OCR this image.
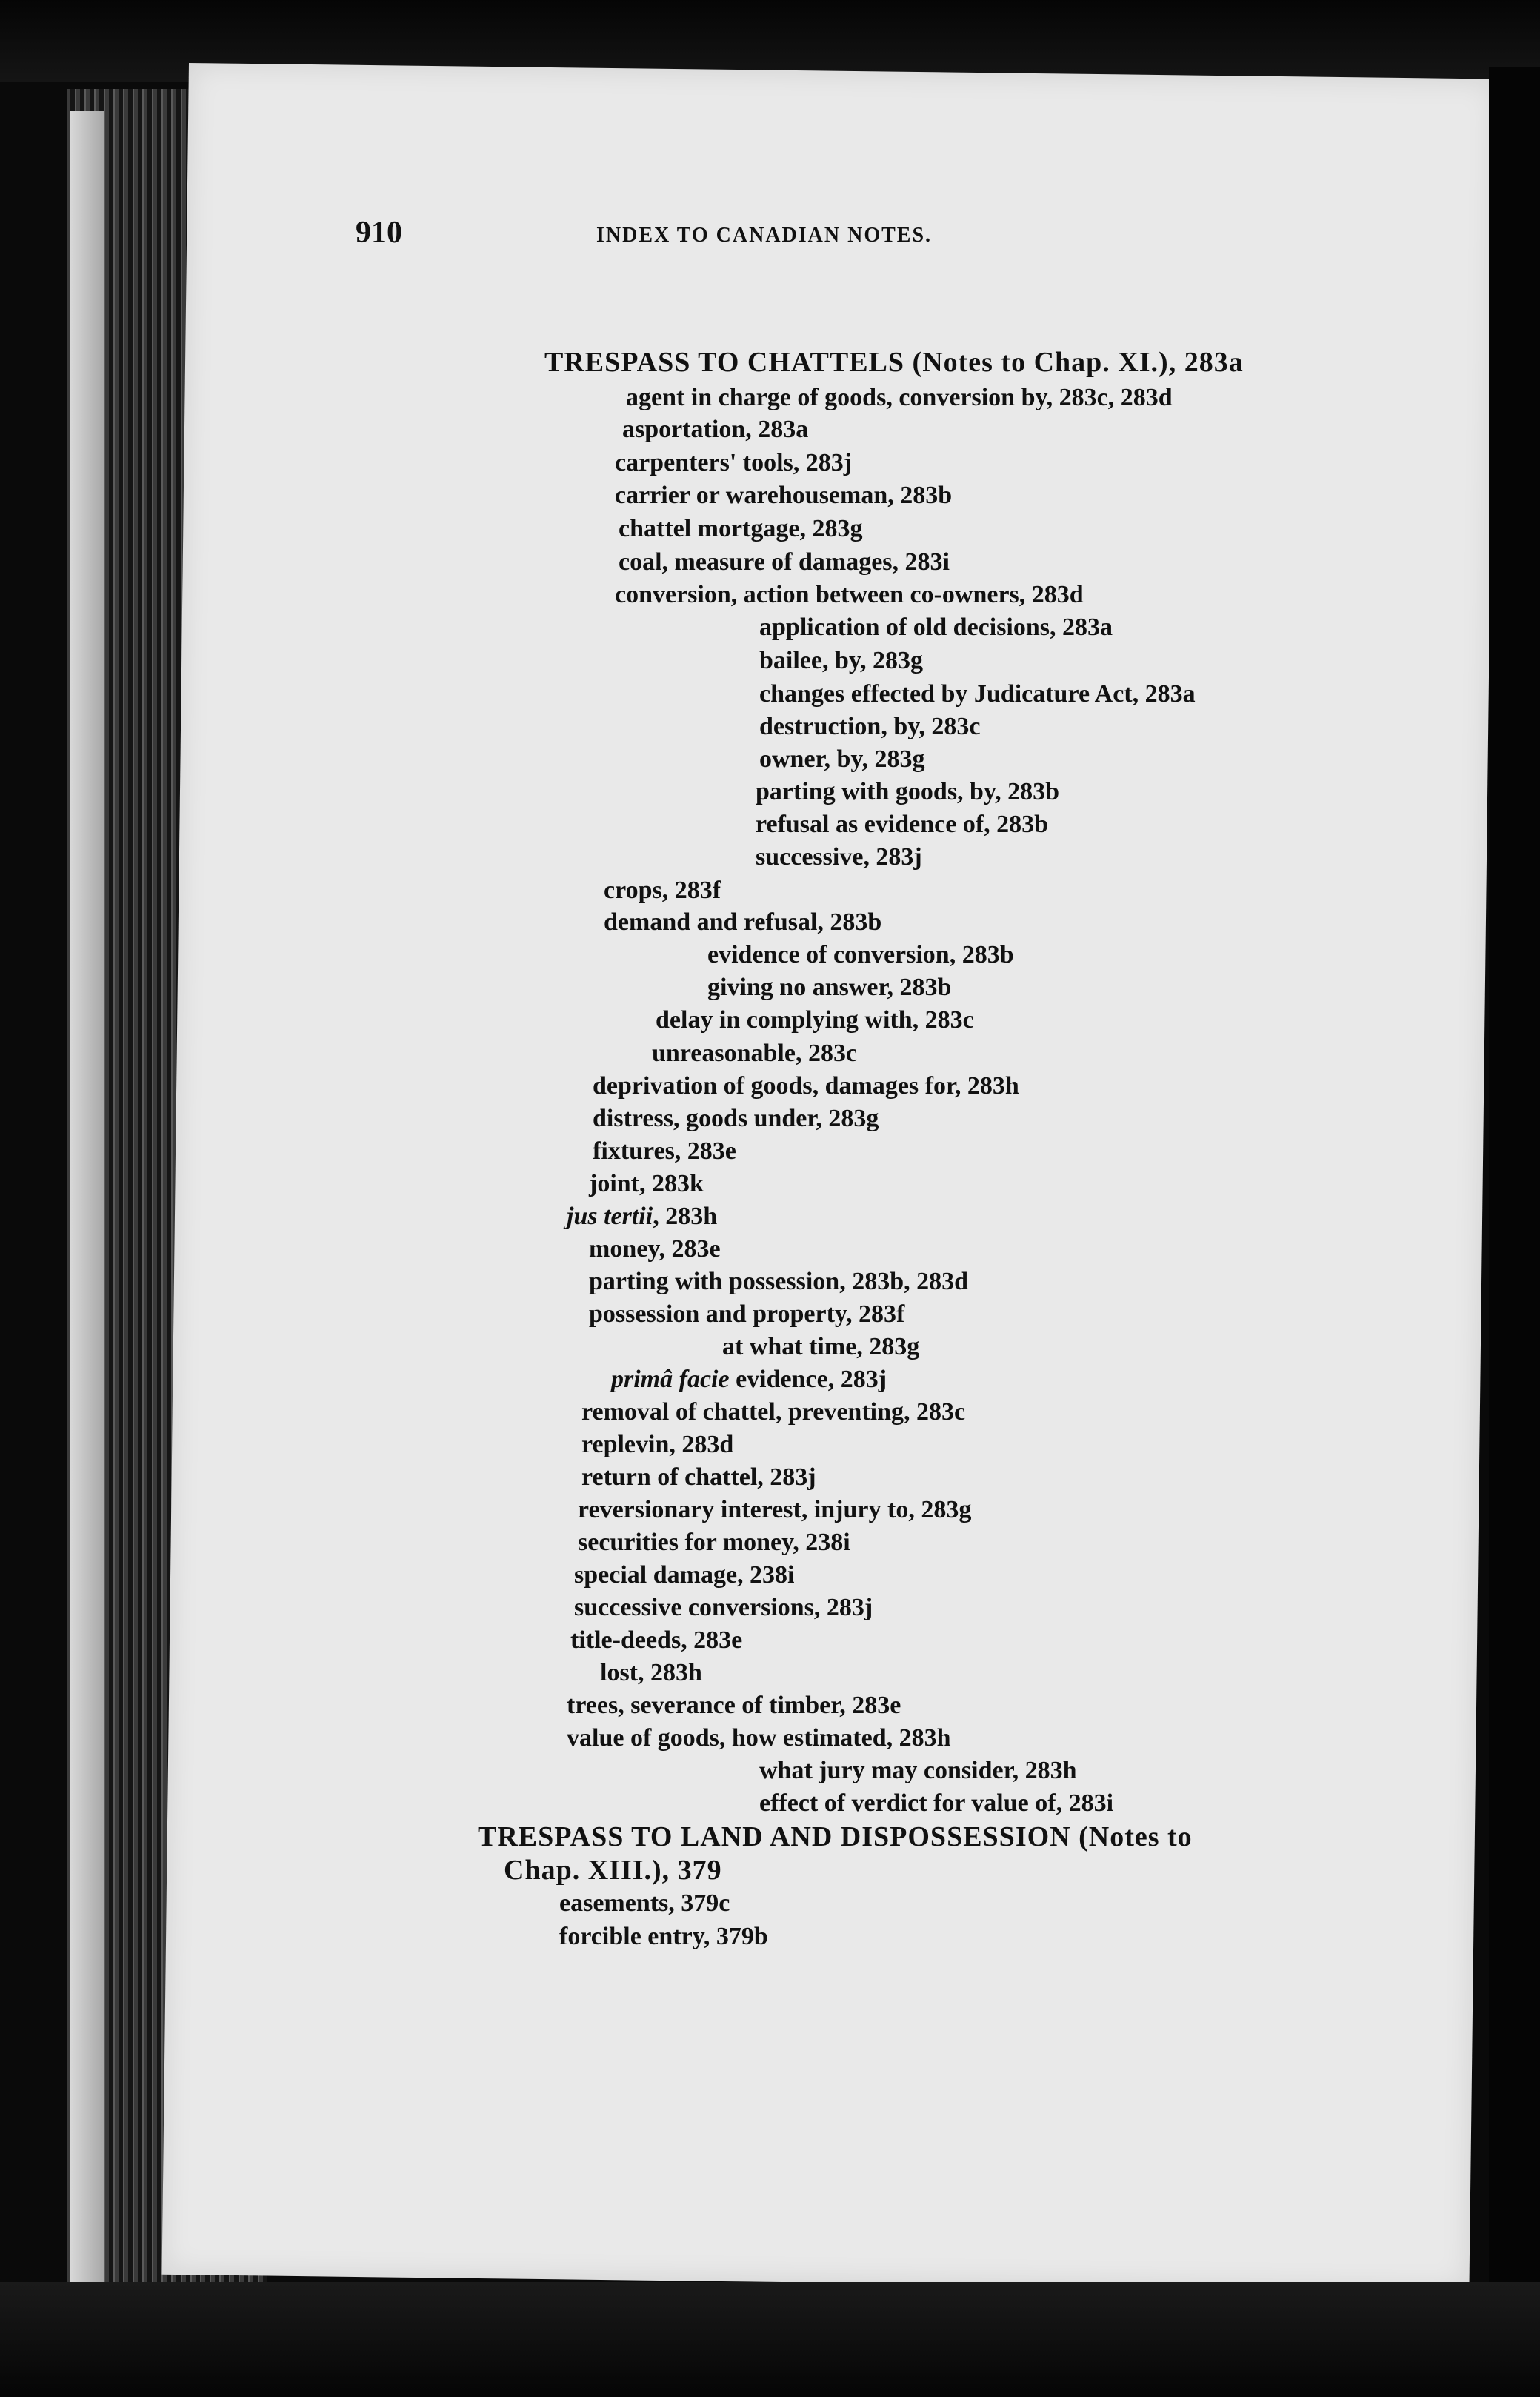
910	INDEX TO CANADIAN NOTES.
TRESPASS TO CHATTELS (Notes to Chap. XI.), 283a
agent in charge of goods, conversion by, 283c, 283d
asportation, 283a
carpenters' tools, 283j
carrier or warehouseman, 283b
chattel mortgage, 283g
coal, measure of damages, 283i
conversion, action between co-owners, 283d
application of old decisions, 283a
bailee, by, 283g
changes effected by Judicature Act, 283a
destruction, by, 283c
owner, by, 283g
parting with goods, by, 283b
refusal as evidence of, 283b
successive, 283j
crops, 283f
demand and refusal, 283b
evidence of conversion, 283b
giving no answer, 283b
delay in complying with, 283c
unreasonable, 283c
deprivation of goods, damages for, 283h
distress, goods under, 283g
fixtures, 283e
joint, 283k
jus tertii, 283h
money, 283e
parting with possession, 283b, 283d
possession and property, 283f
at what time, 283g
primâ facie evidence, 283j
removal of chattel, preventing, 283c
replevin, 283d
return of chattel, 283j
reversionary interest, injury to, 283g
securities for money, 238i
special damage, 238i
successive conversions, 283j
title-deeds, 283e
lost, 283h
trees, severance of timber, 283e
value of goods, how estimated, 283h
what jury may consider, 283h
effect of verdict for value of, 283i
TRESPASS TO LAND AND DISPOSSESSION (Notes to
Chap. XIII.), 379
easements, 379c
forcible entry, 379b
